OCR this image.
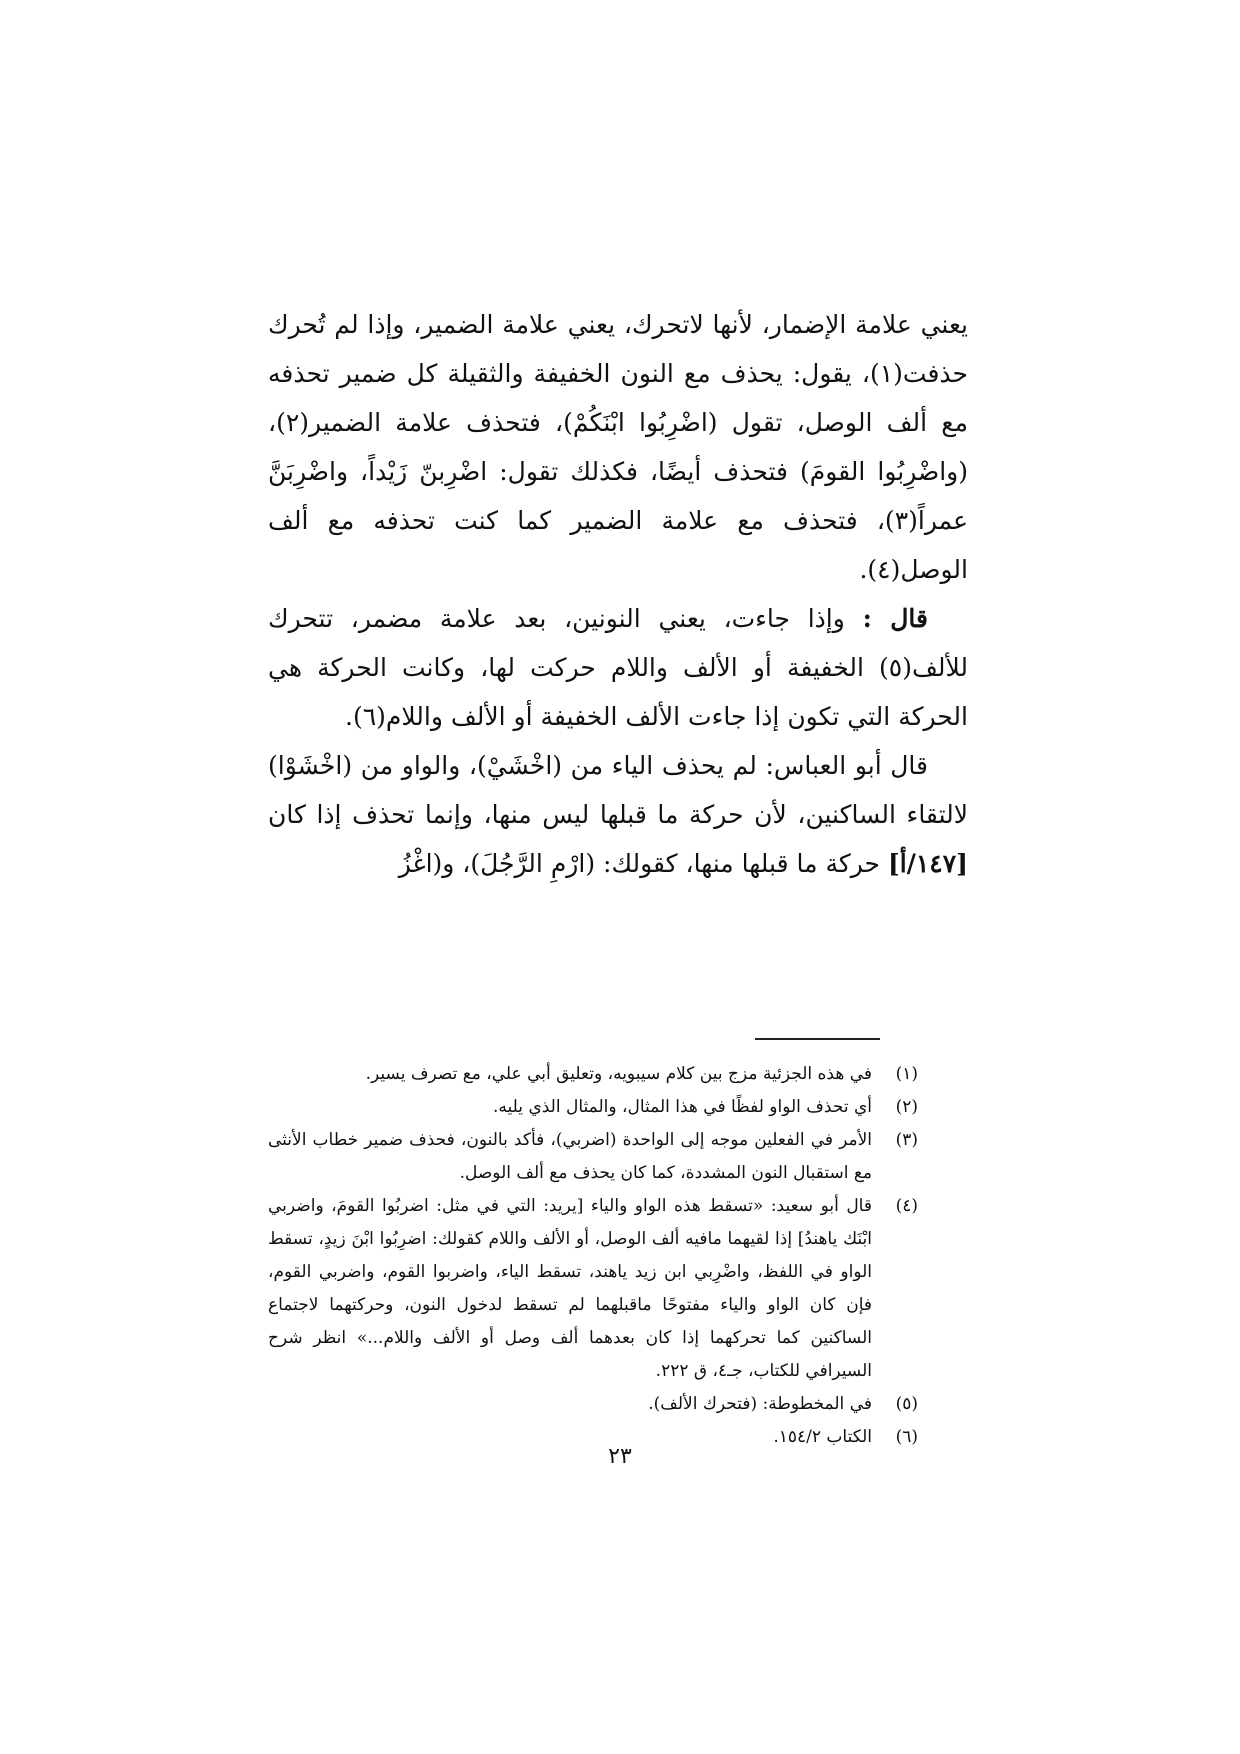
يعني علامة الإضمار، لأنها لاتحرك، يعني علامة الضمير، وإذا لم تُحرك حذفت(١)، يقول: يحذف مع النون الخفيفة والثقيلة كل ضمير تحذفه مع ألف الوصل، تقول (اضْرِبُوا ابْنَكُمْ)، فتحذف علامة الضمير(٢)، (واضْرِبُوا القومَ) فتحذف أيضًا، فكذلك تقول: اضْرِبنّ زَيْداً، واضْرِبَنَّ عمراً(٣)، فتحذف مع علامة الضمير كما كنت تحذفه مع ألف الوصل(٤).

قال : وإذا جاءت، يعني النونين، بعد علامة مضمر، تتحرك للألف(٥) الخفيفة أو الألف واللام حركت لها، وكانت الحركة هي الحركة التي تكون إذا جاءت الألف الخفيفة أو الألف واللام(٦).

قال أبو العباس: لم يحذف الياء من (اخْشَيْ)، والواو من (اخْشَوْا) لالتقاء الساكنين، لأن حركة ما قبلها ليس منها، وإنما تحذف إذا كان [١٤٧/أ] حركة ما قبلها منها، كقولك: (ارْمِ الرَّجُلَ)، و(اغْزُ

(١)
في هذه الجزئية مزج بين كلام سيبويه، وتعليق أبي علي، مع تصرف يسير.
(٢)
أي تحذف الواو لفظًا في هذا المثال، والمثال الذي يليه.
(٣)
الأمر في الفعلين موجه إلى الواحدة (اضربي)، فأكد بالنون، فحذف ضمير خطاب الأنثى مع استقبال النون المشددة، كما كان يحذف مع ألف الوصل.
(٤)
قال أبو سعيد: «تسقط هذه الواو والياء [يريد: التي في مثل: اضربُوا القومَ، واضربي ابْنَك ياهندُ] إذا لقيهما مافيه ألف الوصل، أو الألف واللام كقولك: اضرِبُوا ابْنَ زيدٍ، تسقط الواو في اللفظ، واضْرِبي ابن زيد ياهند، تسقط الياء، واضربوا القوم، واضربي القوم، فإن كان الواو والياء مفتوحًا ماقبلهما لم تسقط لدخول النون، وحركتهما لاجتماع الساكنين كما تحركهما إذا كان بعدهما ألف وصل أو الألف واللام...» انظر شرح السيرافي للكتاب، جـ٤، ق ٢٢٢.
(٥)
في المخطوطة: (فتحرك الألف).
(٦)
الكتاب ١٥٤/٢.
٢٣
